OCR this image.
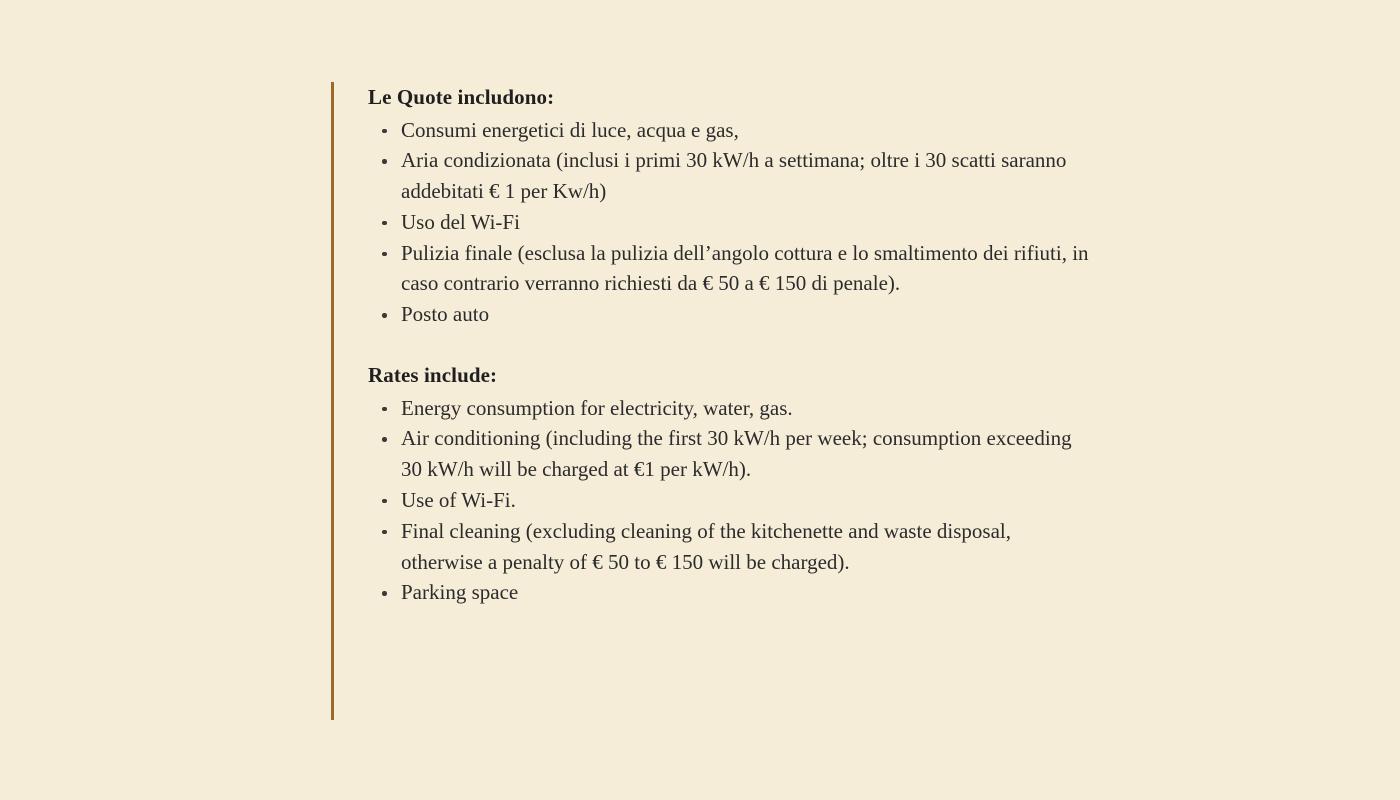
Le Quote includono:

Consumi energetici di luce, acqua e gas,
Aria condizionata (inclusi i primi 30 kW/h a settimana; oltre i 30 scatti saranno addebitati € 1 per Kw/h)
Uso del Wi-Fi
Pulizia finale (esclusa la pulizia dell’angolo cottura e lo smaltimento dei rifiuti, in caso contrario verranno richiesti da € 50 a € 150 di penale).
Posto auto

Rates include:

Energy consumption for electricity, water, gas.
Air conditioning (including the first 30 kW/h per week; consumption exceeding 30 kW/h will be charged at €1 per kW/h).
Use of Wi-Fi.
Final cleaning (excluding cleaning of the kitchenette and waste disposal, otherwise a penalty of € 50 to € 150 will be charged).
Parking space
